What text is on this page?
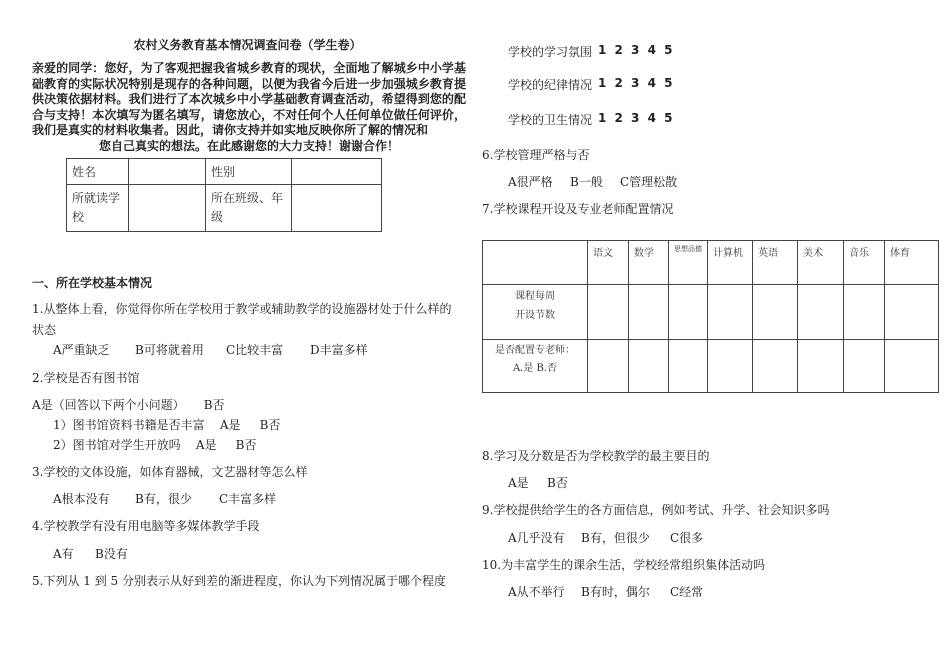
农村义务教育基本情况调查问卷（学生卷）
亲爱的同学：您好，为了客观把握我省城乡教育的现状，全面地了解城乡中小学基础教育的实际状况特别是现存的各种问题，以便为我省今后进一步加强城乡教育提供决策依据材料。我们进行了本次城乡中小学基础教育调查活动，希望得到您的配合与支持！本次填写为匿名填写，请您放心，不对任何个人任何单位做任何评价，我们是真实的材料收集者。因此，请你支持并如实地反映你所了解的情况和
您自己真实的想法。在此感谢您的大力支持！谢谢合作！
姓名		性别	
所就读学校		所在班级、年级	
一、所在学校基本情况
1.从整体上看，你觉得你所在学校用于教学或辅助教学的设施器材处于什么样的
状态
A严重缺乏 B可将就着用 C比较丰富 D丰富多样
2.学校是否有图书馆
A是（回答以下两个小问题）     B否
1）图书馆资料书籍是否丰富    A是     B否
2）图书馆对学生开放吗    A是     B否
3.学校的文体设施，如体育器械，文艺器材等怎么样
A根本没有 B有，很少 C丰富多样
4.学校教学有没有用电脑等多媒体教学手段
A有 B没有
5.下列从 1 到 5 分别表示从好到差的渐进程度，你认为下列情况属于哪个程度
学校的学习氛围 1 2 3 4 5
学校的纪律情况 1 2 3 4 5
学校的卫生情况 1 2 3 4 5
6.学校管理严格与否
A很严格 B一般 C管理松散
7.学校课程开设及专业老师配置情况
	语文	数学	思想品德	计算机	英语	美术	音乐	体育

课程每周
开设节数								

是否配置专老师：
A.是 B.否								

8.学习及分数是否为学校教学的最主要目的
A是 B否
9.学校提供给学生的各方面信息，例如考试、升学、社会知识多吗
A几乎没有 B有，但很少 C很多
10.为丰富学生的课余生活，学校经常组织集体活动吗
A从不举行 B有时，偶尔 C经常
